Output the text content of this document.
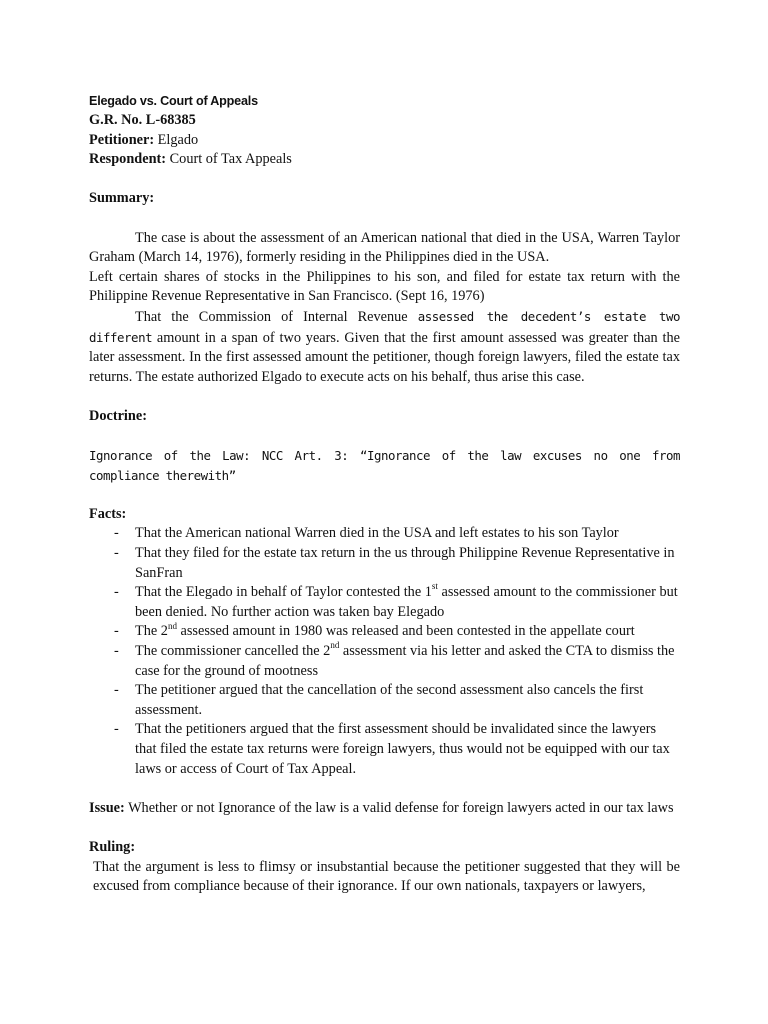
Elegado vs. Court of Appeals

G.R. No. L-68385

Petitioner: Elgado

Respondent: Court of Tax Appeals

Summary:

The case is about the assessment of an American national that died in the USA, Warren Taylor Graham (March 14, 1976), formerly residing in the Philippines died in the USA.

Left certain shares of stocks in the Philippines to his son, and filed for estate tax return with the Philippine Revenue Representative in San Francisco. (Sept 16, 1976)

That the Commission of Internal Revenue assessed the decedent’s estate two different amount in a span of two years. Given that the first amount assessed was greater than the later assessment. In the first assessed amount the petitioner, though foreign lawyers, filed the estate tax returns. The estate authorized Elgado to execute acts on his behalf, thus arise this case.

Doctrine:

Ignorance of the Law: NCC Art. 3: “Ignorance of the law excuses no one from compliance therewith”

Facts:

- That the American national Warren died in the USA and left estates to his son Taylor
- That they filed for the estate tax return in the us through Philippine Revenue Representative in SanFran
- That the Elegado in behalf of Taylor contested the 1st assessed amount to the commissioner but been denied. No further action was taken bay Elegado
- The 2nd assessed amount in 1980 was released and been contested in the appellate court
- The commissioner cancelled the 2nd assessment via his letter and asked the CTA to dismiss the case for the ground of mootness
- The petitioner argued that the cancellation of the second assessment also cancels the first assessment.
- That the petitioners argued that the first assessment should be invalidated since the lawyers that filed the estate tax returns were foreign lawyers, thus would not be equipped with our tax laws or access of Court of Tax Appeal.

Issue: Whether or not Ignorance of the law is a valid defense for foreign lawyers acted in our tax laws

Ruling:

That the argument is less to flimsy or insubstantial because the petitioner suggested that they will be excused from compliance because of their ignorance. If our own nationals, taxpayers or lawyers,
